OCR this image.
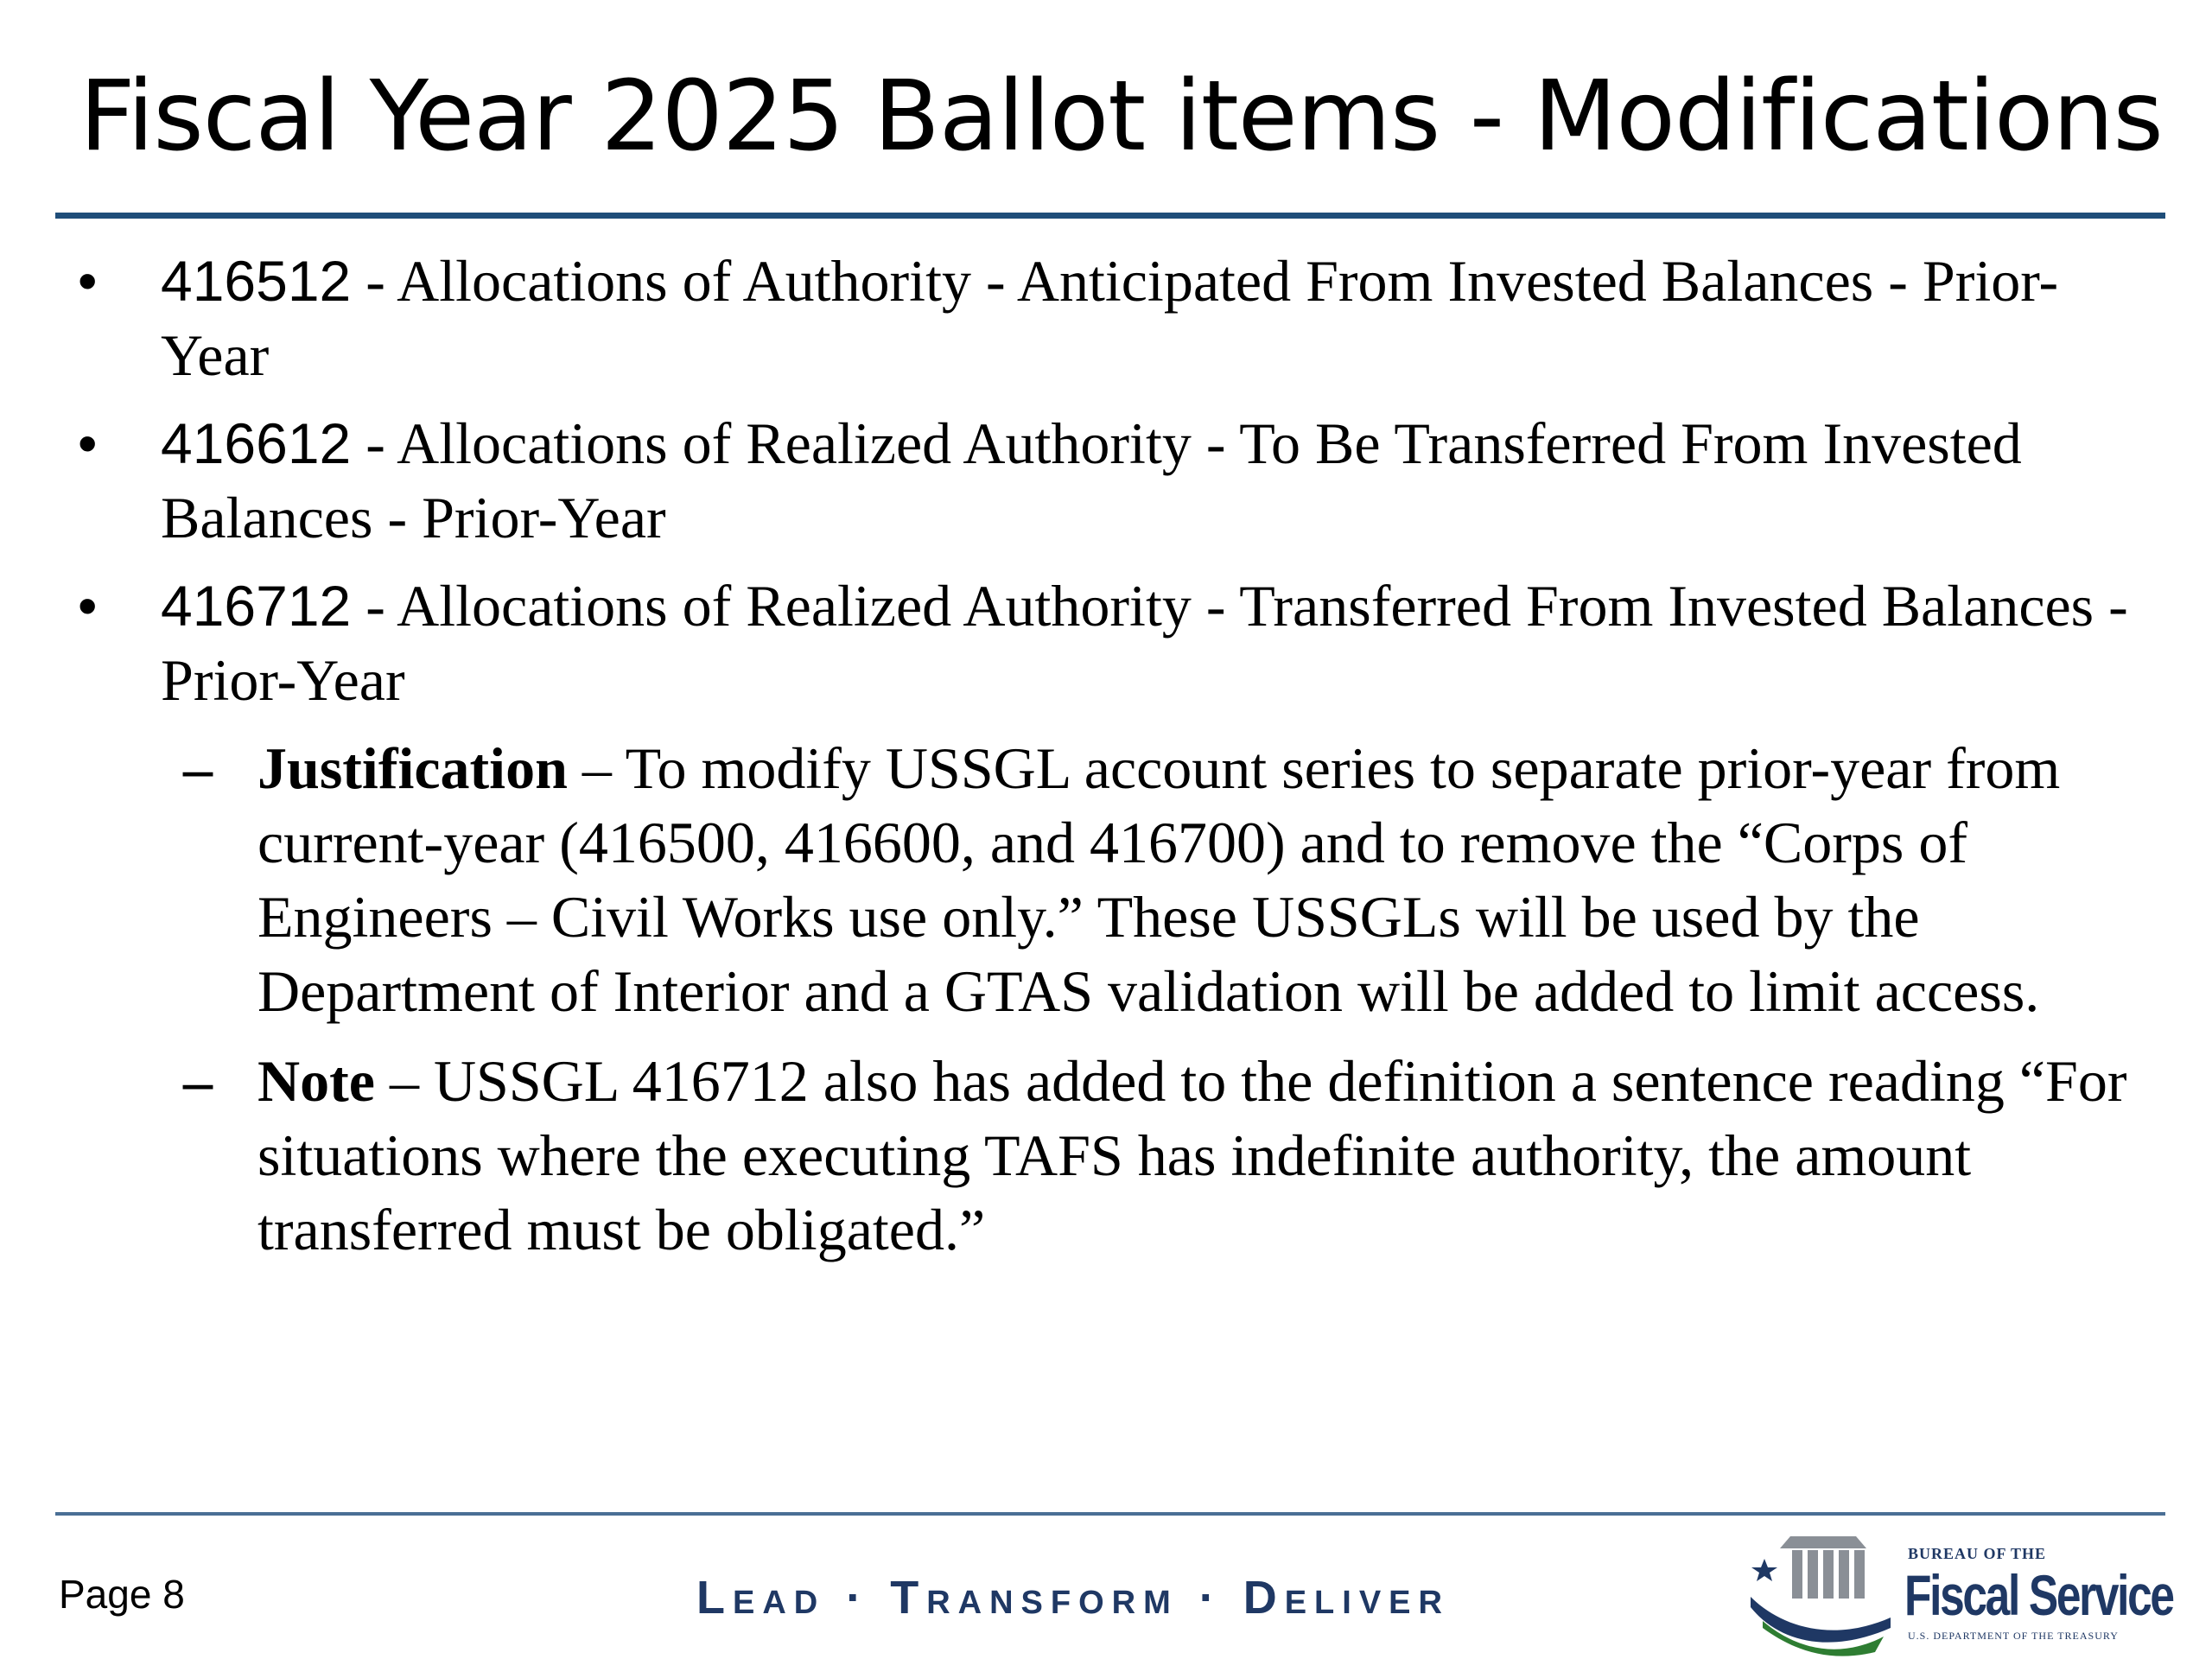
Fiscal Year 2025 Ballot items - Modifications
• 416512 - Allocations of Authority - Anticipated From Invested Balances - Prior-Year
• 416612 - Allocations of Realized Authority - To Be Transferred From Invested Balances - Prior-Year
• 416712 - Allocations of Realized Authority - Transferred From Invested Balances - Prior-Year
– Justification – To modify USSGL account series to separate prior-year from current-year (416500, 416600, and 416700) and to remove the “Corps of Engineers – Civil Works use only.” These USSGLs will be used by the Department of Interior and a GTAS validation will be added to limit access.
– Note – USSGL 416712 also has added to the definition a sentence reading “For situations where the executing TAFS has indefinite authority, the amount transferred must be obligated.”
Page 8	Lead · Transform · Deliver
BUREAU OF THE
Fiscal Service
U.S. DEPARTMENT OF THE TREASURY
